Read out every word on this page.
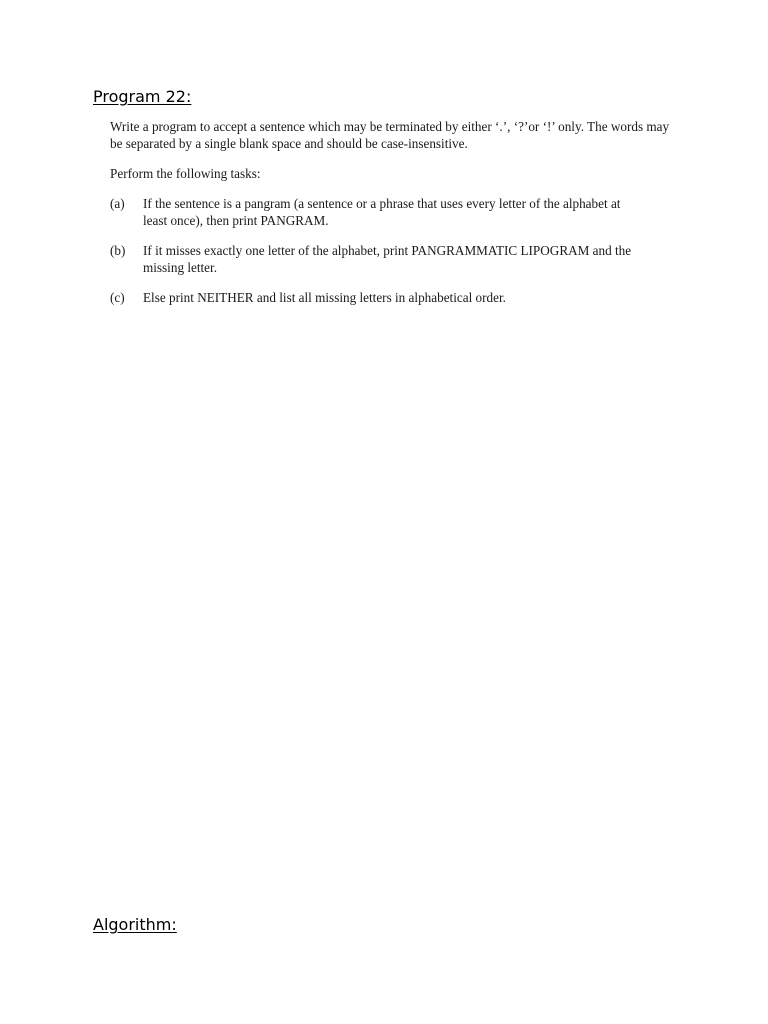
Program 22:

Write a program to accept a sentence which may be terminated by either ‘.’, ‘?’or ‘!’ only. The words may be separated by a single blank space and should be case-insensitive.

Perform the following tasks:

(a)	If the sentence is a pangram (a sentence or a phrase that uses every letter of the alphabet at least once), then print PANGRAM.
(b)	If it misses exactly one letter of the alphabet, print PANGRAMMATIC LIPOGRAM and the missing letter.
(c)	Else print NEITHER and list all missing letters in alphabetical order.
Algorithm:
